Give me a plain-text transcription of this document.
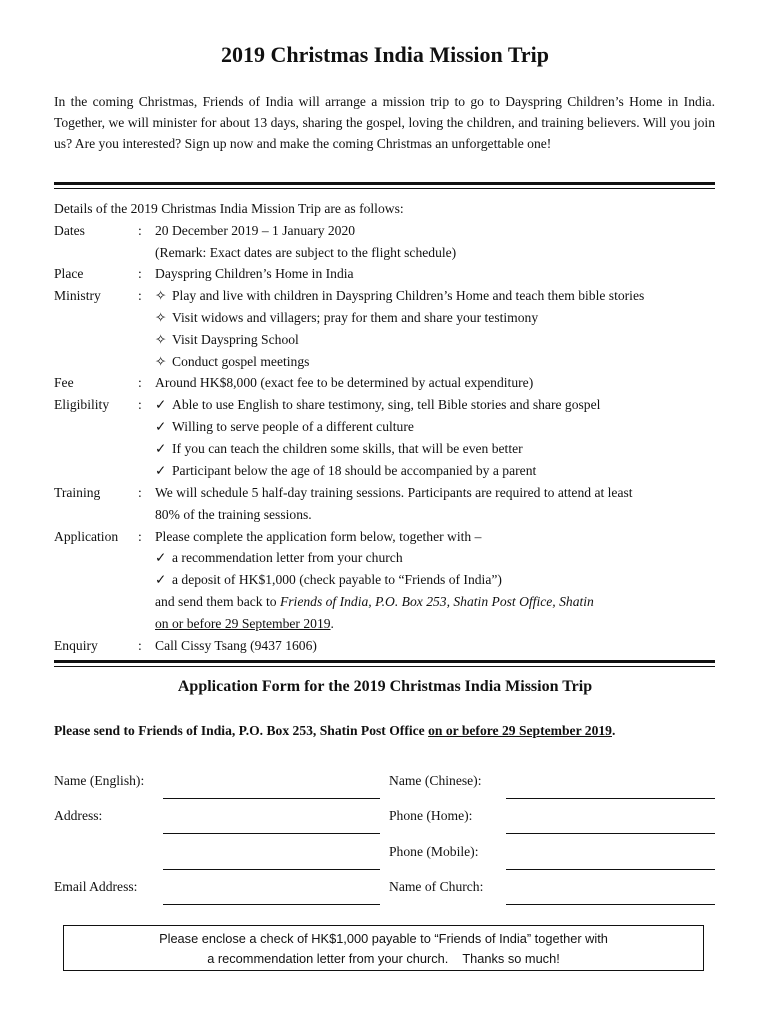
2019 Christmas India Mission Trip
In the coming Christmas, Friends of India will arrange a mission trip to go to Dayspring Children’s Home in India. Together, we will minister for about 13 days, sharing the gospel, loving the children, and training believers. Will you join us? Are you interested? Sign up now and make the coming Christmas an unforgettable one!
Details of the 2019 Christmas India Mission Trip are as follows:
Dates	: 20 December 2019 – 1 January 2020
(Remark: Exact dates are subject to the flight schedule)
Place	: Dayspring Children’s Home in India
Ministry	: ✧ Play and live with children in Dayspring Children’s Home and teach them bible stories
✧ Visit widows and villagers; pray for them and share your testimony
✧ Visit Dayspring School
✧ Conduct gospel meetings
Fee	: Around HK$8,000 (exact fee to be determined by actual expenditure)
Eligibility : ✓ Able to use English to share testimony, sing, tell Bible stories and share gospel
✓ Willing to serve people of a different culture
✓ If you can teach the children some skills, that will be even better
✓ Participant below the age of 18 should be accompanied by a parent
Training	: We will schedule 5 half-day training sessions. Participants are required to attend at least
80% of the training sessions.
Application : Please complete the application form below, together with –
✓ a recommendation letter from your church
✓ a deposit of HK$1,000 (check payable to “Friends of India”)
and send them back to Friends of India, P.O. Box 253, Shatin Post Office, Shatin
on or before 29 September 2019.
Enquiry	: Call Cissy Tsang (9437 1606)
Application Form for the 2019 Christmas India Mission Trip
Please send to Friends of India, P.O. Box 253, Shatin Post Office on or before 29 September 2019.
Name (English):	Name (Chinese):
Address:	Phone (Home):
Phone (Mobile):
Email Address:	Name of Church:
Please enclose a check of HK$1,000 payable to “Friends of India” together with
a recommendation letter from your church.    Thanks so much!
